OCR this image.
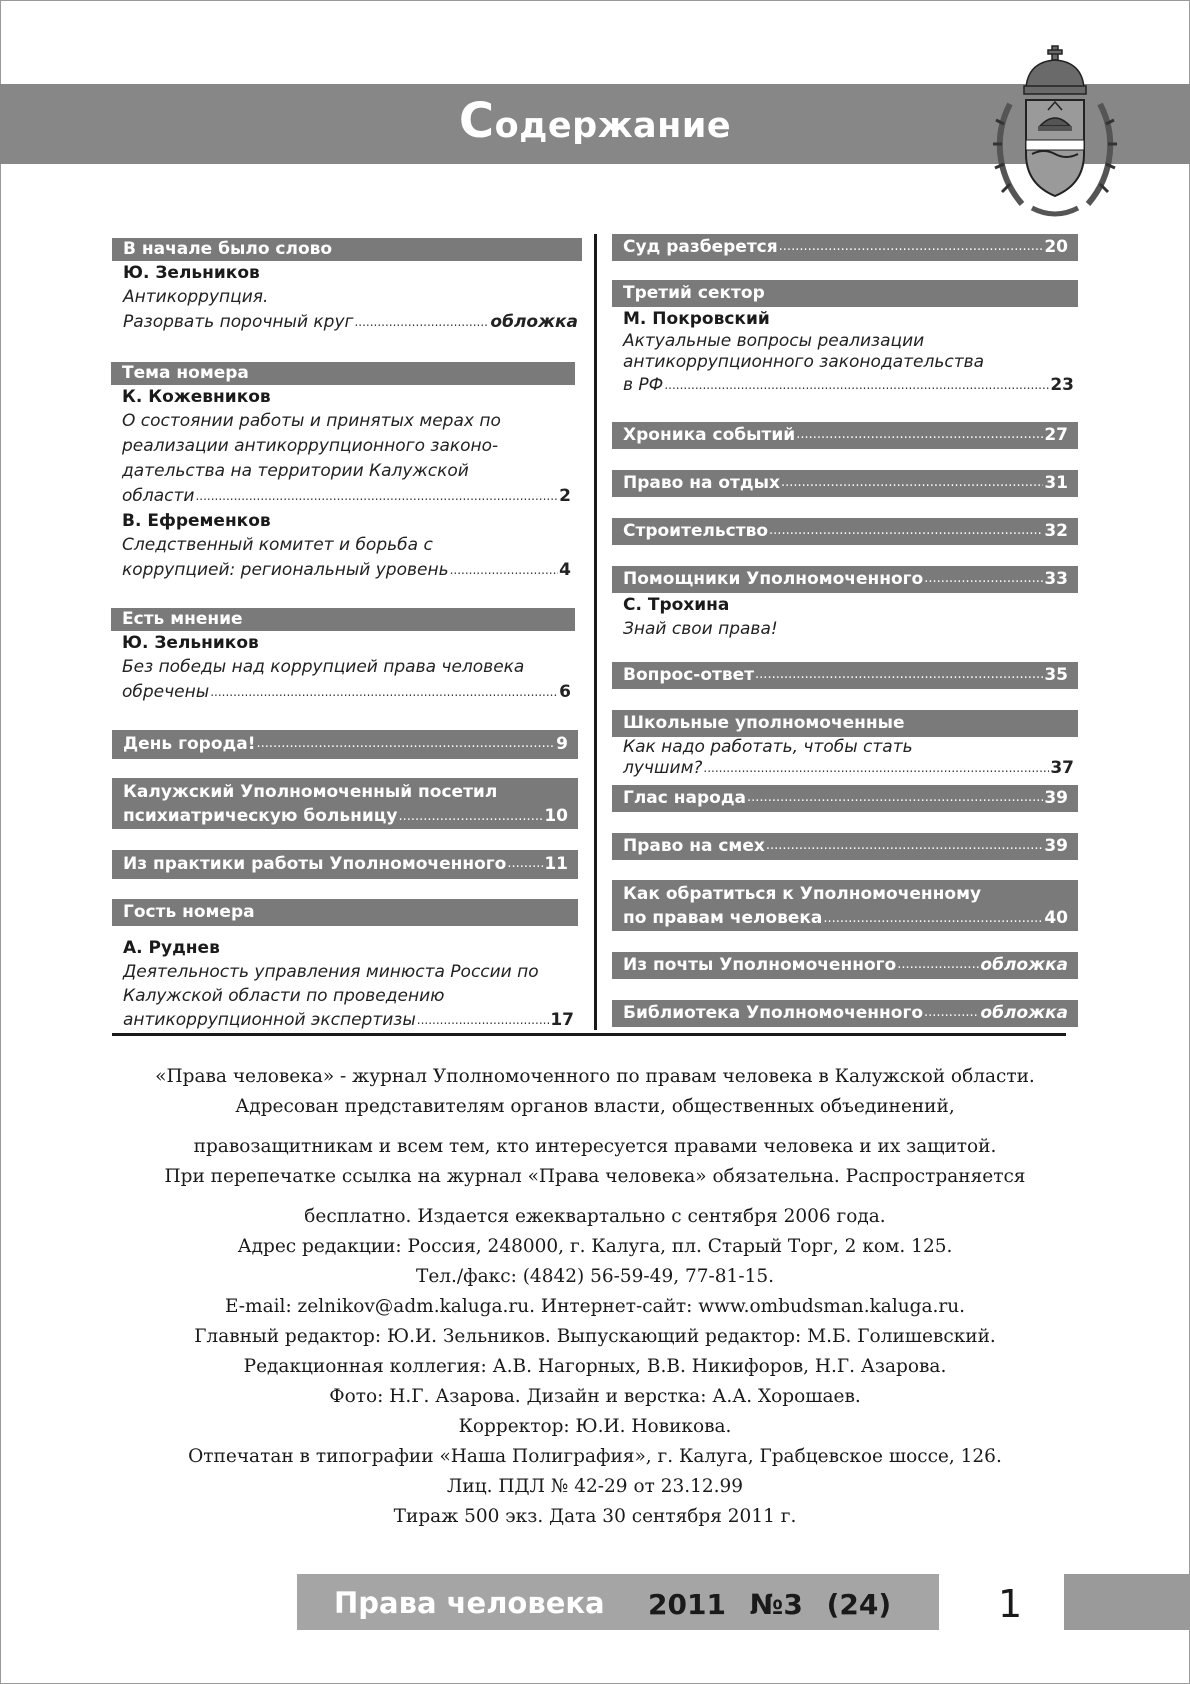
Содержание
В начале было слово
Ю. Зельников
Антикоррупция.
Разорвать порочный круг .....	обложка
Тема номера
К. Кожевников
О состоянии работы и принятых мерах по
реализации антикоррупционного законо-
дательства на территории Калужской
области .....	2
В. Ефременков
Следственный комитет и борьба с
коррупцией: региональный уровень .....	4
Есть мнение
Ю. Зельников
Без победы над коррупцией права человека
обречены .....	6
День города! .....	9
Калужский Уполномоченный посетил
психиатрическую больницу .....	10
Из практики работы Уполномоченного ..... 11
Гость номера
А. Руднев
Деятельность управления минюста России по
Калужской области по проведению
антикоррупционной экспертизы .....	17
Суд разберется .....	20
Третий сектор
М. Покровский
Актуальные вопросы реализации
антикоррупционного законодательства
в РФ .....	23
Хроника событий .....	27
Право на отдых .....	31
Строительство .....	32
Помощники Уполномоченного .....	33
С. Трохина
Знай свои права!
Вопрос-ответ .....	35
Школьные уполномоченные
Как надо работать, чтобы стать
лучшим? .....	37
Глас народа .....	39
Право на смех .....	39
Как обратиться к Уполномоченному
по правам человека .....	40
Из почты Уполномоченного .....	обложка
Библиотека Уполномоченного .....	обложка

«Права человека» - журнал Уполномоченного по правам человека в Калужской области.

Адресован представителям органов власти, общественных объединений,

правозащитникам и всем тем, кто интересуется правами человека и их защитой.

При перепечатке ссылка на журнал «Права человека» обязательна. Распространяется

бесплатно. Издается ежеквартально с сентября 2006 года.

Адрес редакции: Россия, 248000, г. Калуга, пл. Старый Торг, 2 ком. 125.

Тел./факс: (4842) 56-59-49, 77-81-15.

E-mail: zelnikov@adm.kaluga.ru. Интернет-сайт: www.ombudsman.kaluga.ru.

Главный редактор: Ю.И. Зельников. Выпускающий редактор: М.Б. Голишевский.

Редакционная коллегия: А.В. Нагорных, В.В. Никифоров, Н.Г. Азарова.

Фото: Н.Г. Азарова. Дизайн и верстка: А.А. Хорошаев.

Корректор: Ю.И. Новикова.

Отпечатан в типографии «Наша Полиграфия», г. Калуга, Грабцевское шоссе, 126.

Лиц. ПДЛ № 42-29 от 23.12.99

Тираж 500 экз. Дата 30 сентября 2011 г.

Права человека 2011 №3 (24)	1
